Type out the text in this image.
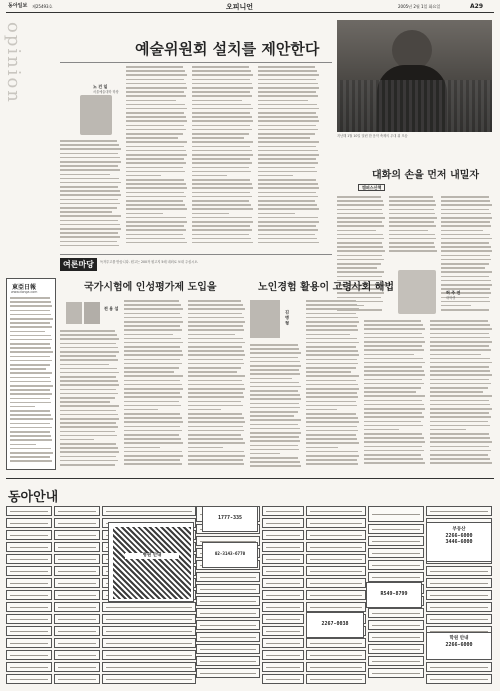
동아일보 제25493호	오피니언	2005년 2월 1일 화요일	A29
opinion	예술위원회 설치를 제안한다
노 건 일
서울예술대학 학장
지난해 1월 10일 열린 한 음악 축제의 무대 위 모습
대화의 손을 먼저 내밀자
캠퍼스산책
허 주 연
대학생
여론마당	독자투고를 받습니다. 원고는 200자 원고지 5매 내외로 보내 주십시오.
東亞日報
www.donga.com	국가시험에 인성평가제 도입을
전 용 섭
노인경험 활용이 고령사회 해법
김 병 형
동아안내
병원 안내
부동산
2266-6000
3446-6000
R549-8799
2267-0038
1777-335
02-3143-6770
학원 안내
2266-6000
